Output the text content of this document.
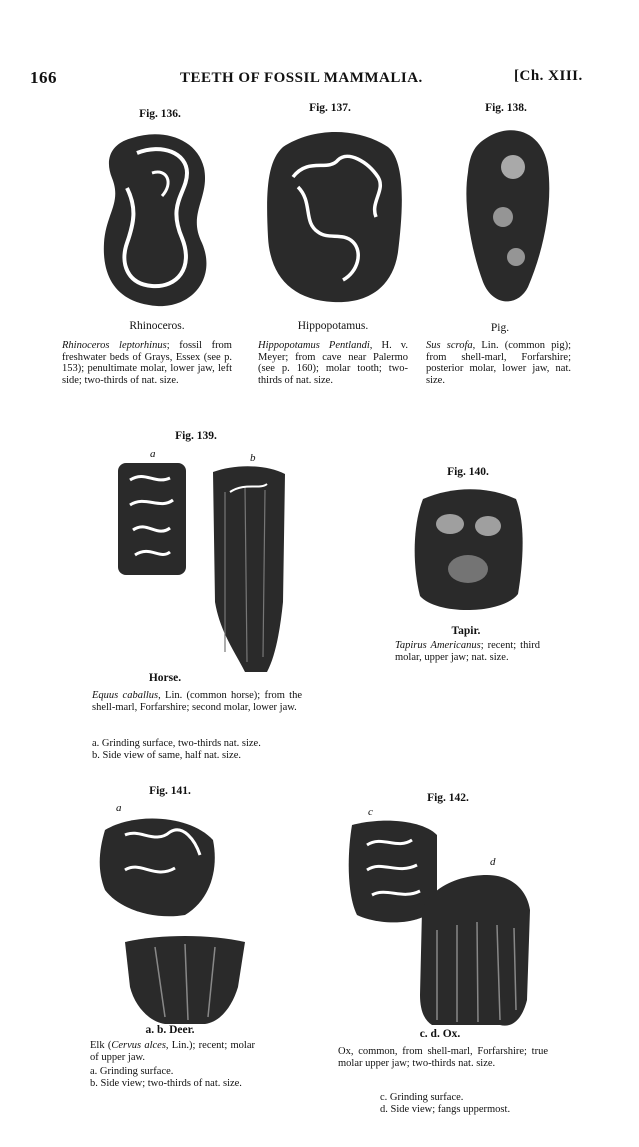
166	TEETH OF FOSSIL MAMMALIA.	[Ch. XIII.
Fig. 136.
Rhinoceros.
Rhinoceros leptorhinus; fossil from freshwater beds of Grays, Essex (see p. 153); penultimate molar, lower jaw, left side; two-thirds of nat. size.
Fig. 137.
Hippopotamus.
Hippopotamus Pentlandi, H. v. Meyer; from cave near Palermo (see p. 160); molar tooth; two-thirds of nat. size.
Fig. 138.
Pig.
Sus scrofa, Lin. (common pig); from shell-marl, Forfarshire; posterior molar, lower jaw, nat. size.
Fig. 139.
a	b
Horse.
Equus caballus, Lin. (common horse); from the shell-marl, Forfarshire; second molar, lower jaw.
a. Grinding surface, two-thirds nat. size.
b. Side view of same, half nat. size.
Fig. 140.
Tapir.
Tapirus Americanus; recent; third molar, upper jaw; nat. size.
Fig. 141.
a
a. b. Deer.
Elk (Cervus alces, Lin.); recent; molar of upper jaw.
a. Grinding surface.
b. Side view; two-thirds of nat. size.
Fig. 142.
c
d
c. d. Ox.
Ox, common, from shell-marl, Forfarshire; true molar upper jaw; two-thirds nat. size.
c. Grinding surface.
d. Side view; fangs uppermost.
